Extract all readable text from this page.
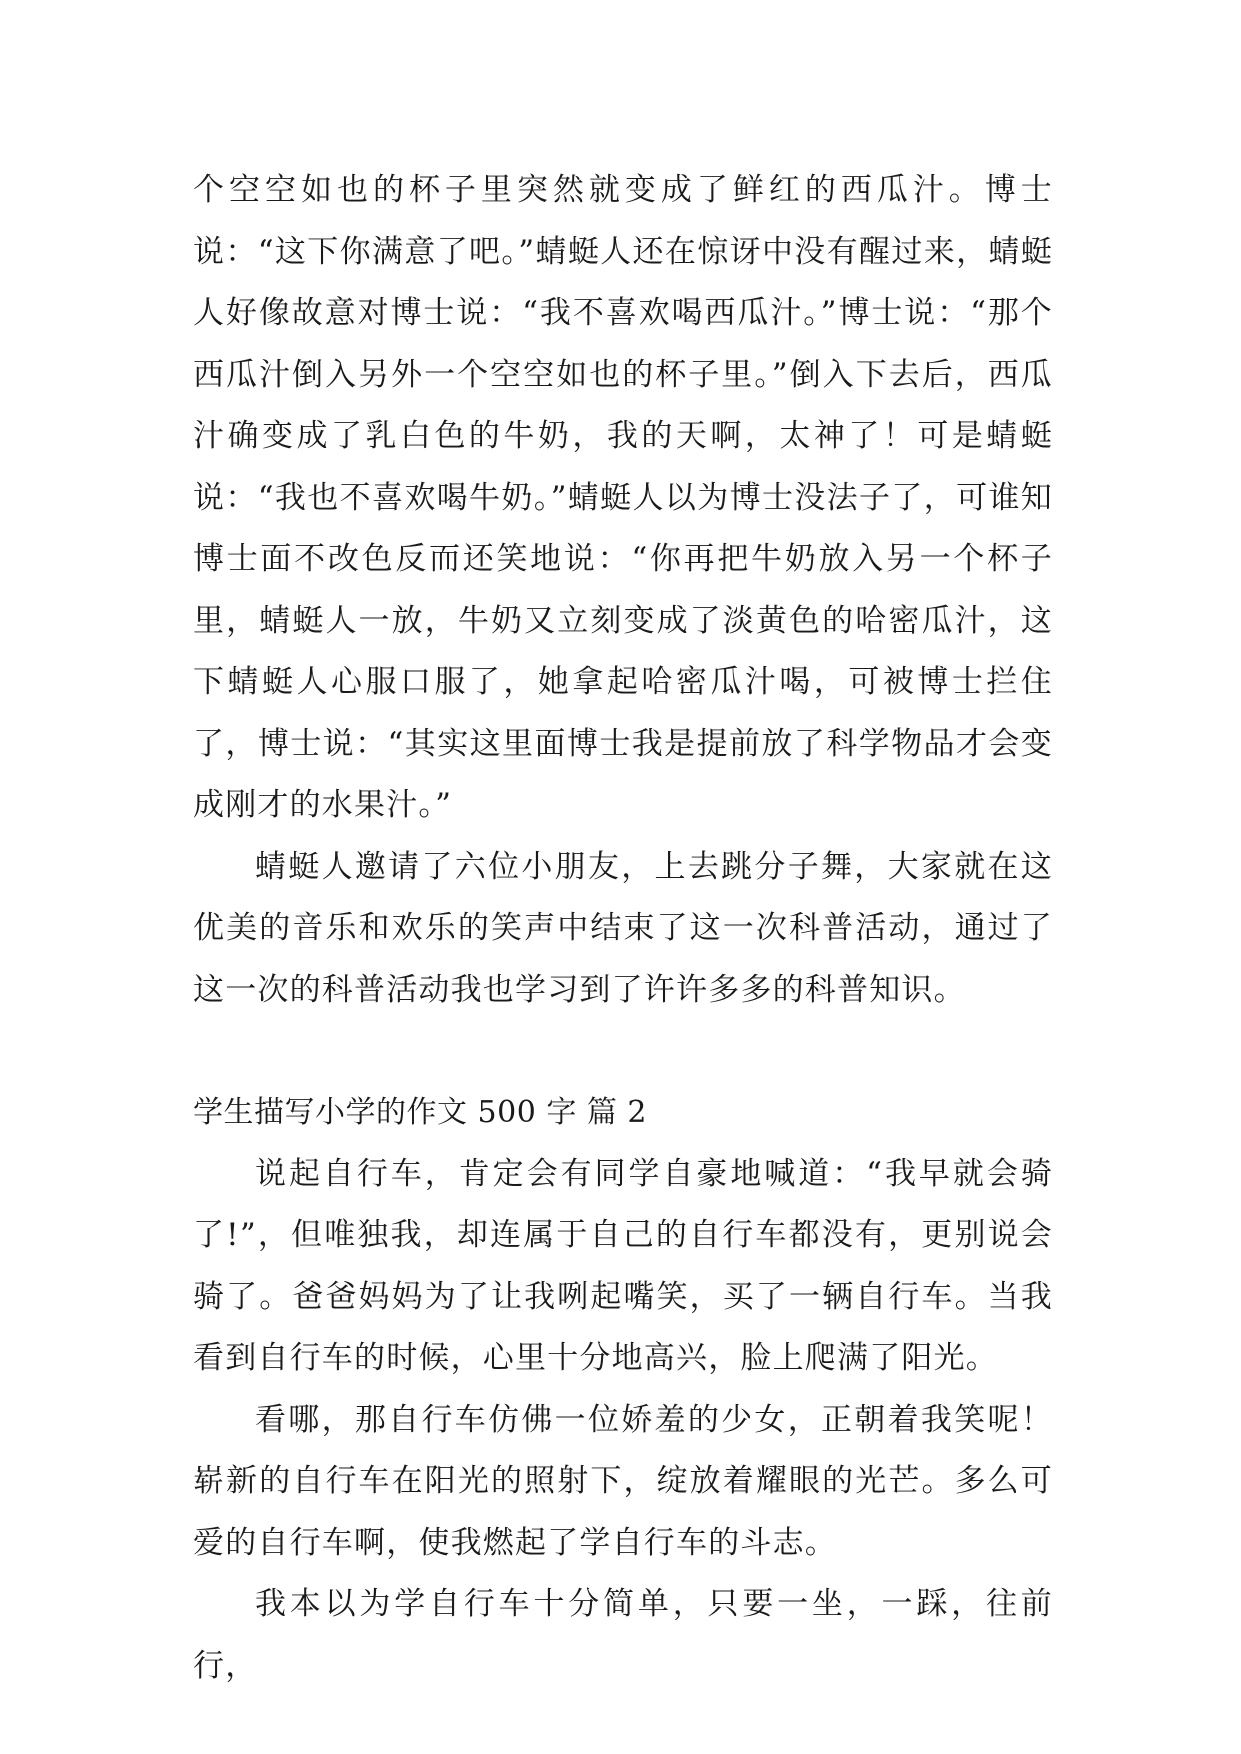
个空空如也的杯子里突然就变成了鲜红的西瓜汁。博士说：“这下你满意了吧。”蜻蜓人还在惊讶中没有醒过来，蜻蜓人好像故意对博士说：“我不喜欢喝西瓜汁。”博士说：“那个西瓜汁倒入另外一个空空如也的杯子里。”倒入下去后，西瓜汁确变成了乳白色的牛奶，我的天啊，太神了！可是蜻蜓说：“我也不喜欢喝牛奶。”蜻蜓人以为博士没法子了，可谁知博士面不改色反而还笑地说：“你再把牛奶放入另一个杯子里，蜻蜓人一放，牛奶又立刻变成了淡黄色的哈密瓜汁，这下蜻蜓人心服口服了，她拿起哈密瓜汁喝，可被博士拦住了，博士说：“其实这里面博士我是提前放了科学物品才会变成刚才的水果汁。”

蜻蜓人邀请了六位小朋友，上去跳分子舞，大家就在这优美的音乐和欢乐的笑声中结束了这一次科普活动，通过了这一次的科普活动我也学习到了许许多多的科普知识。

学生描写小学的作文 500 字 篇 2

说起自行车，肯定会有同学自豪地喊道：“我早就会骑了!”，但唯独我，却连属于自己的自行车都没有，更别说会骑了。爸爸妈妈为了让我咧起嘴笑，买了一辆自行车。当我看到自行车的时候，心里十分地高兴，脸上爬满了阳光。

看哪，那自行车仿佛一位娇羞的少女，正朝着我笑呢！崭新的自行车在阳光的照射下，绽放着耀眼的光芒。多么可爱的自行车啊，使我燃起了学自行车的斗志。

我本以为学自行车十分简单，只要一坐，一踩，往前行，
